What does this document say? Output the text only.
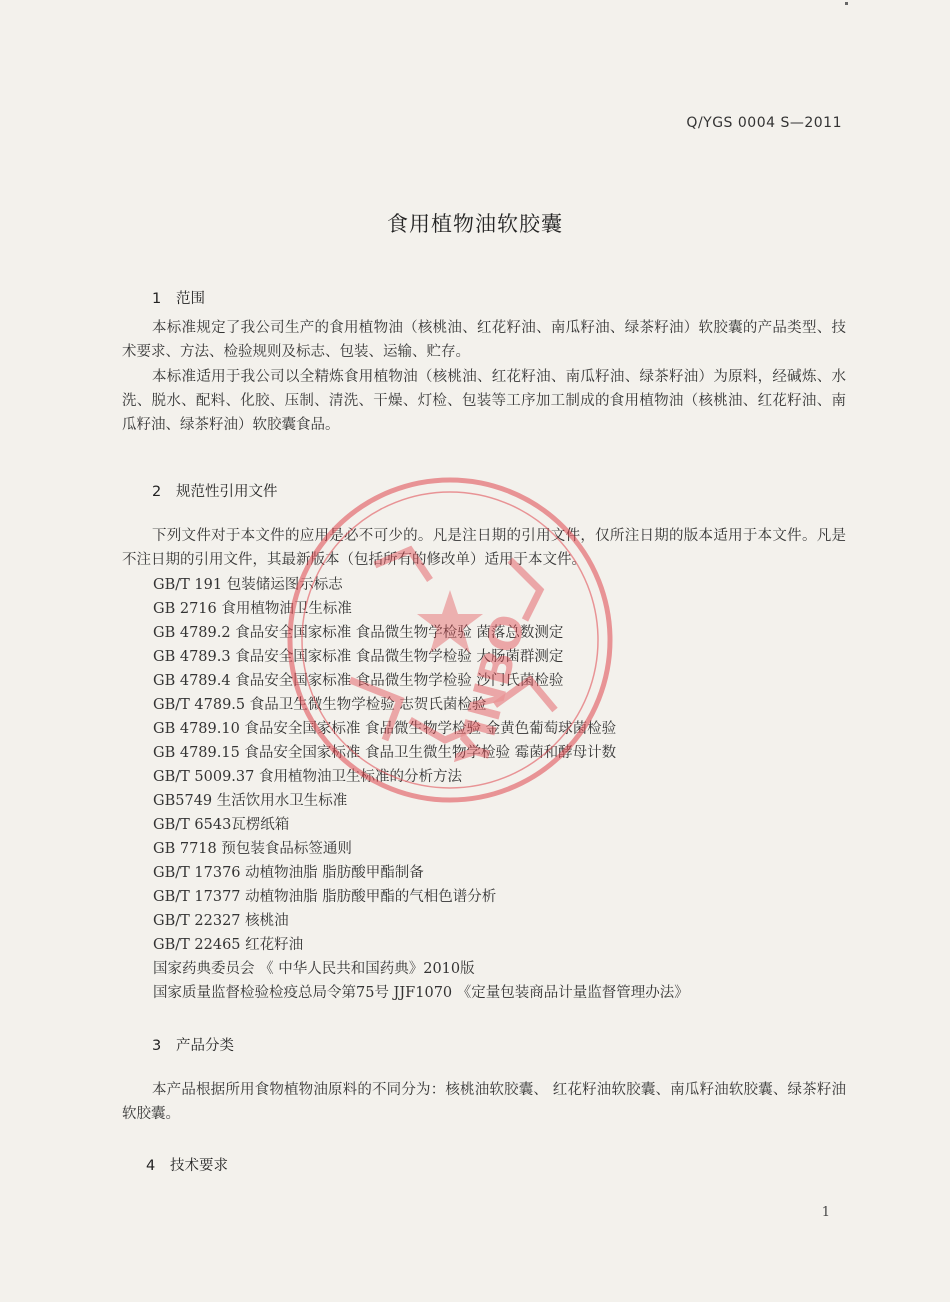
Q/YGS 0004 S—2011
食用植物油软胶囊
1 范围

本标准规定了我公司生产的食用植物油（核桃油、红花籽油、南瓜籽油、绿茶籽油）软胶囊的产品类型、技术要求、方法、检验规则及标志、包装、运输、贮存。

本标准适用于我公司以全精炼食用植物油（核桃油、红花籽油、南瓜籽油、绿茶籽油）为原料，经碱炼、水洗、脱水、配料、化胶、压制、清洗、干燥、灯检、包装等工序加工制成的食用植物油（核桃油、红花籽油、南瓜籽油、绿茶籽油）软胶囊食品。

2 规范性引用文件

下列文件对于本文件的应用是必不可少的。凡是注日期的引用文件，仅所注日期的版本适用于本文件。凡是不注日期的引用文件，其最新版本（包括所有的修改单）适用于本文件。

GB/T 191 包装储运图示标志
GB 2716 食用植物油卫生标准
GB 4789.2 食品安全国家标准 食品微生物学检验 菌落总数测定
GB 4789.3 食品安全国家标准 食品微生物学检验 大肠菌群测定
GB 4789.4 食品安全国家标准 食品微生物学检验 沙门氏菌检验
GB/T 4789.5 食品卫生微生物学检验 志贺氏菌检验
GB 4789.10 食品安全国家标准 食品微生物学检验 金黄色葡萄球菌检验
GB 4789.15 食品安全国家标准 食品卫生微生物学检验 霉菌和酵母计数
GB/T 5009.37 食用植物油卫生标准的分析方法
GB5749 生活饮用水卫生标准
GB/T 6543瓦楞纸箱
GB 7718 预包装食品标签通则
GB/T 17376 动植物油脂 脂肪酸甲酯制备
GB/T 17377 动植物油脂 脂肪酸甲酯的气相色谱分析
GB/T 22327 核桃油
GB/T 22465 红花籽油
国家药典委员会 《 中华人民共和国药典》2010版
国家质量监督检验检疫总局令第75号 JJF1070 《定量包装商品计量监督管理办法》
3 产品分类

本产品根据所用食物植物油原料的不同分为：核桃油软胶囊、 红花籽油软胶囊、南瓜籽油软胶囊、绿茶籽油软胶囊。

4 技术要求
1
YINBO
